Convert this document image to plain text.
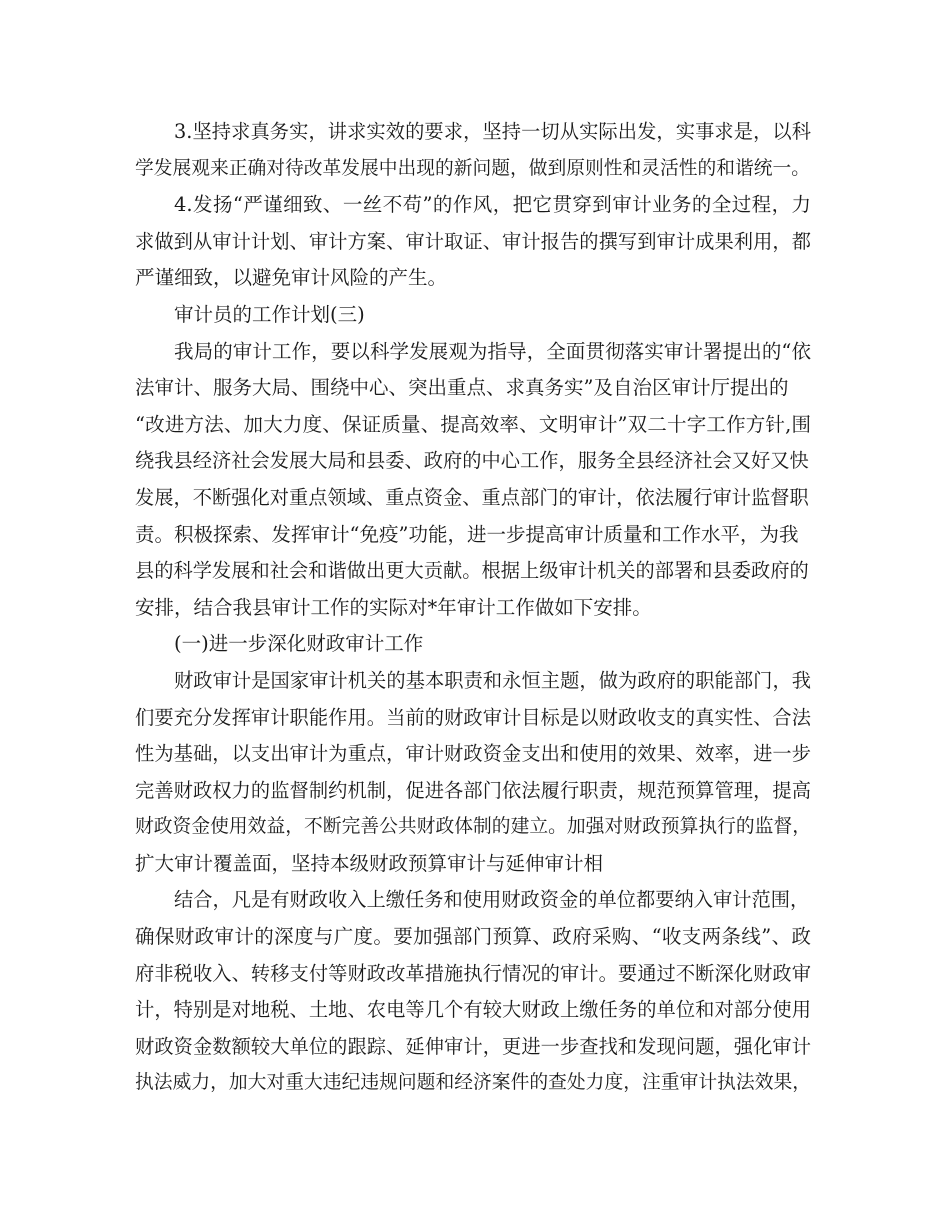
3.坚持求真务实，讲求实效的要求，坚持一切从实际出发，实事求是，以科
学发展观来正确对待改革发展中出现的新问题，做到原则性和灵活性的和谐统一。
4.发扬“严谨细致、一丝不苟”的作风，把它贯穿到审计业务的全过程，力
求做到从审计计划、审计方案、审计取证、审计报告的撰写到审计成果利用，都
严谨细致，以避免审计风险的产生。
审计员的工作计划(三)
我局的审计工作，要以科学发展观为指导，全面贯彻落实审计署提出的“依
法审计、服务大局、围绕中心、突出重点、求真务实”及自治区审计厅提出的
“改进方法、加大力度、保证质量、提高效率、文明审计”双二十字工作方针,围
绕我县经济社会发展大局和县委、政府的中心工作，服务全县经济社会又好又快
发展，不断强化对重点领域、重点资金、重点部门的审计，依法履行审计监督职
责。积极探索、发挥审计“免疫”功能，进一步提高审计质量和工作水平，为我
县的科学发展和社会和谐做出更大贡献。根据上级审计机关的部署和县委政府的
安排，结合我县审计工作的实际对*年审计工作做如下安排。
(一)进一步深化财政审计工作
财政审计是国家审计机关的基本职责和永恒主题，做为政府的职能部门，我
们要充分发挥审计职能作用。当前的财政审计目标是以财政收支的真实性、合法
性为基础，以支出审计为重点，审计财政资金支出和使用的效果、效率，进一步
完善财政权力的监督制约机制，促进各部门依法履行职责，规范预算管理，提高
财政资金使用效益，不断完善公共财政体制的建立。加强对财政预算执行的监督，
扩大审计覆盖面，坚持本级财政预算审计与延伸审计相
结合，凡是有财政收入上缴任务和使用财政资金的单位都要纳入审计范围，
确保财政审计的深度与广度。要加强部门预算、政府采购、“收支两条线”、政
府非税收入、转移支付等财政改革措施执行情况的审计。要通过不断深化财政审
计，特别是对地税、土地、农电等几个有较大财政上缴任务的单位和对部分使用
财政资金数额较大单位的跟踪、延伸审计，更进一步查找和发现问题，强化审计
执法威力，加大对重大违纪违规问题和经济案件的查处力度，注重审计执法效果，
